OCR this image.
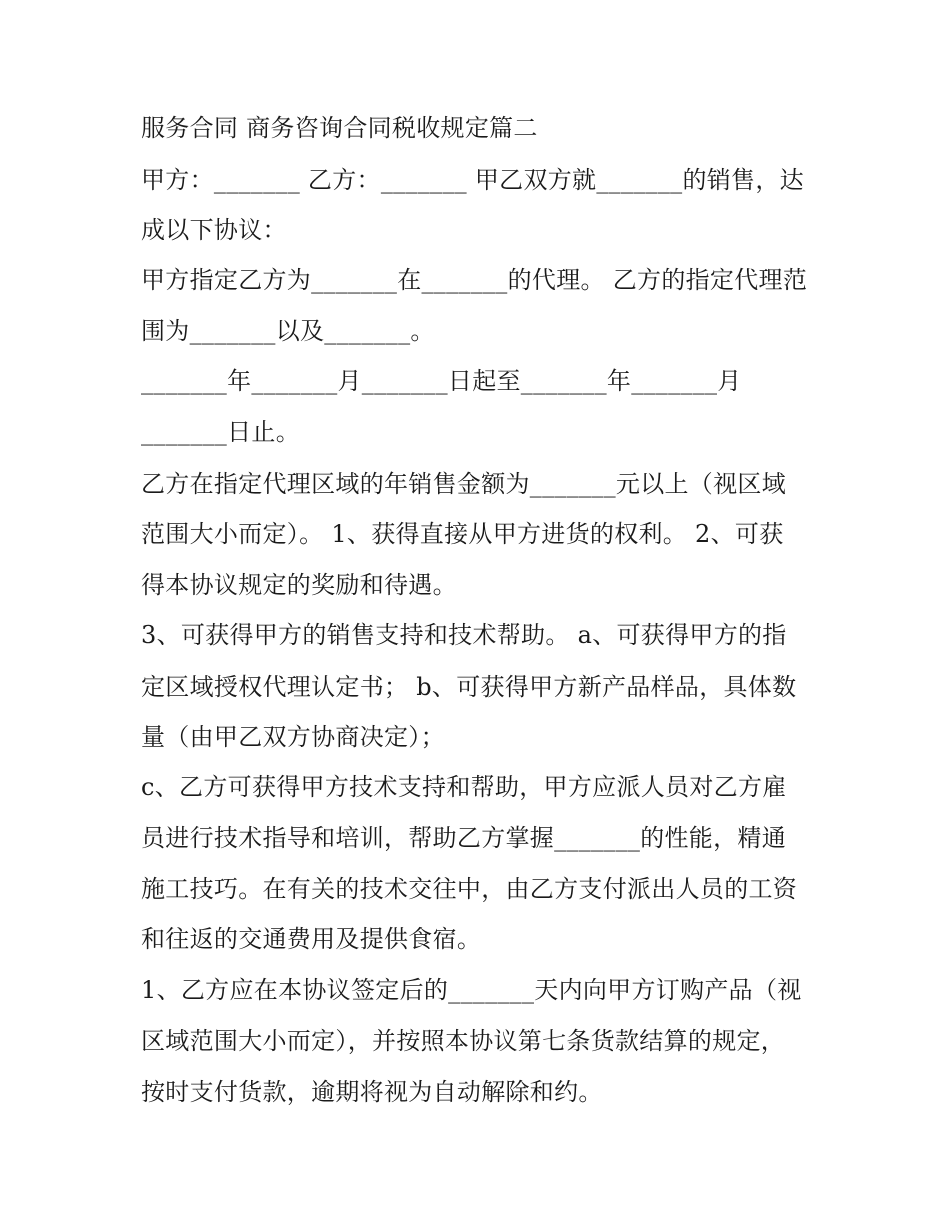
服务合同 商务咨询合同税收规定篇二
甲方：_______ 乙方：_______ 甲乙双方就_______的销售，达
成以下协议：
甲方指定乙方为_______在_______的代理。 乙方的指定代理范
围为_______以及_______。
_______年_______月_______日起至_______年_______月
_______日止。
乙方在指定代理区域的年销售金额为_______元以上（视区域
范围大小而定）。 1、获得直接从甲方进货的权利。 2、可获
得本协议规定的奖励和待遇。
3、可获得甲方的销售支持和技术帮助。 a、可获得甲方的指
定区域授权代理认定书； b、可获得甲方新产品样品，具体数
量（由甲乙双方协商决定）；
c、乙方可获得甲方技术支持和帮助，甲方应派人员对乙方雇
员进行技术指导和培训，帮助乙方掌握_______的性能，精通
施工技巧。在有关的技术交往中，由乙方支付派出人员的工资
和往返的交通费用及提供食宿。
1、乙方应在本协议签定后的_______天内向甲方订购产品（视
区域范围大小而定），并按照本协议第七条货款结算的规定，
按时支付货款，逾期将视为自动解除和约。
